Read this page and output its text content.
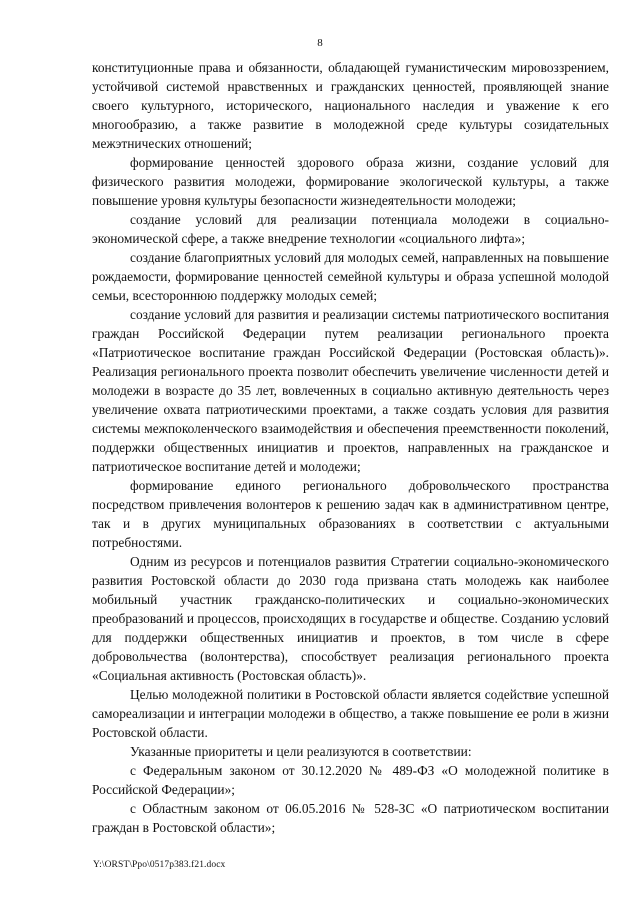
8

конституционные права и обязанности, обладающей гуманистическим мировоззрением, устойчивой системой нравственных и гражданских ценностей, проявляющей знание своего культурного, исторического, национального наследия и уважение к его многообразию, а также развитие в молодежной среде культуры созидательных межэтнических отношений;

формирование ценностей здорового образа жизни, создание условий для физического развития молодежи, формирование экологической культуры, а также повышение уровня культуры безопасности жизнедеятельности молодежи;

создание условий для реализации потенциала молодежи в социально-экономической сфере, а также внедрение технологии «социального лифта»;

создание благоприятных условий для молодых семей, направленных на повышение рождаемости, формирование ценностей семейной культуры и образа успешной молодой семьи, всестороннюю поддержку молодых семей;

создание условий для развития и реализации системы патриотического воспитания граждан Российской Федерации путем реализации регионального проекта «Патриотическое воспитание граждан Российской Федерации (Ростовская область)». Реализация регионального проекта позволит обеспечить увеличение численности детей и молодежи в возрасте до 35 лет, вовлеченных в социально активную деятельность через увеличение охвата патриотическими проектами, а также создать условия для развития системы межпоколенческого взаимодействия и обеспечения преемственности поколений, поддержки общественных инициатив и проектов, направленных на гражданское и патриотическое воспитание детей и молодежи;

формирование единого регионального добровольческого пространства посредством привлечения волонтеров к решению задач как в административном центре, так и в других муниципальных образованиях в соответствии с актуальными потребностями.

Одним из ресурсов и потенциалов развития Стратегии социально-экономического развития Ростовской области до 2030 года призвана стать молодежь как наиболее мобильный участник гражданско-политических и социально-экономических преобразований и процессов, происходящих в государстве и обществе. Созданию условий для поддержки общественных инициатив и проектов, в том числе в сфере добровольчества (волонтерства), способствует реализация регионального проекта «Социальная активность (Ростовская область)».

Целью молодежной политики в Ростовской области является содействие успешной самореализации и интеграции молодежи в общество, а также повышение ее роли в жизни Ростовской области.

Указанные приоритеты и цели реализуются в соответствии:

с Федеральным законом от 30.12.2020 № 489-ФЗ «О молодежной политике в Российской Федерации»;

с Областным законом от 06.05.2016 № 528-ЗС «О патриотическом воспитании граждан в Ростовской области»;

Y:\ORST\Ppo\0517p383.f21.docx
